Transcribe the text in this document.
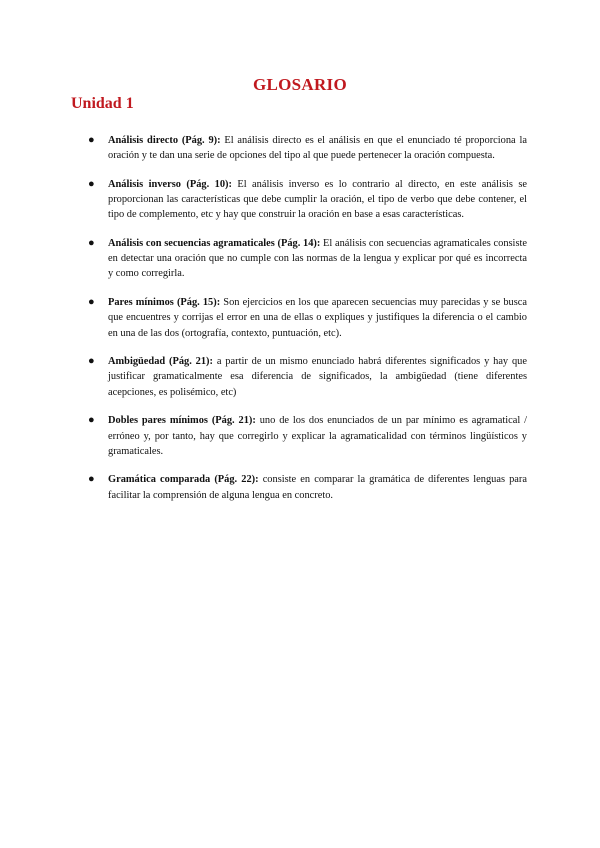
GLOSARIO
Unidad 1
● Análisis directo (Pág. 9): El análisis directo es el análisis en que el enunciado té proporciona la oración y te dan una serie de opciones del tipo al que puede pertenecer la oración compuesta.
● Análisis inverso (Pág. 10): El análisis inverso es lo contrario al directo, en este análisis se proporcionan las características que debe cumplir la oración, el tipo de verbo que debe contener, el tipo de complemento, etc y hay que construir la oración en base a esas características.
● Análisis con secuencias agramaticales (Pág. 14): El análisis con secuencias agramaticales consiste en detectar una oración que no cumple con las normas de la lengua y explicar por qué es incorrecta y como corregirla.
● Pares mínimos (Pág. 15): Son ejercicios en los que aparecen secuencias muy parecidas y se busca que encuentres y corrijas el error en una de ellas o expliques y justifiques la diferencia o el cambio en una de las dos (ortografía, contexto, puntuación, etc).
● Ambigüedad (Pág. 21): a partir de un mismo enunciado habrá diferentes significados y hay que justificar gramaticalmente esa diferencia de significados, la ambigüedad (tiene diferentes acepciones, es polisémico, etc)
● Dobles pares mínimos (Pág. 21): uno de los dos enunciados de un par mínimo es agramatical / erróneo y, por tanto, hay que corregirlo y explicar la agramaticalidad con términos lingüísticos y gramaticales.
● Gramática comparada (Pág. 22): consiste en comparar la gramática de diferentes lenguas para facilitar la comprensión de alguna lengua en concreto.
